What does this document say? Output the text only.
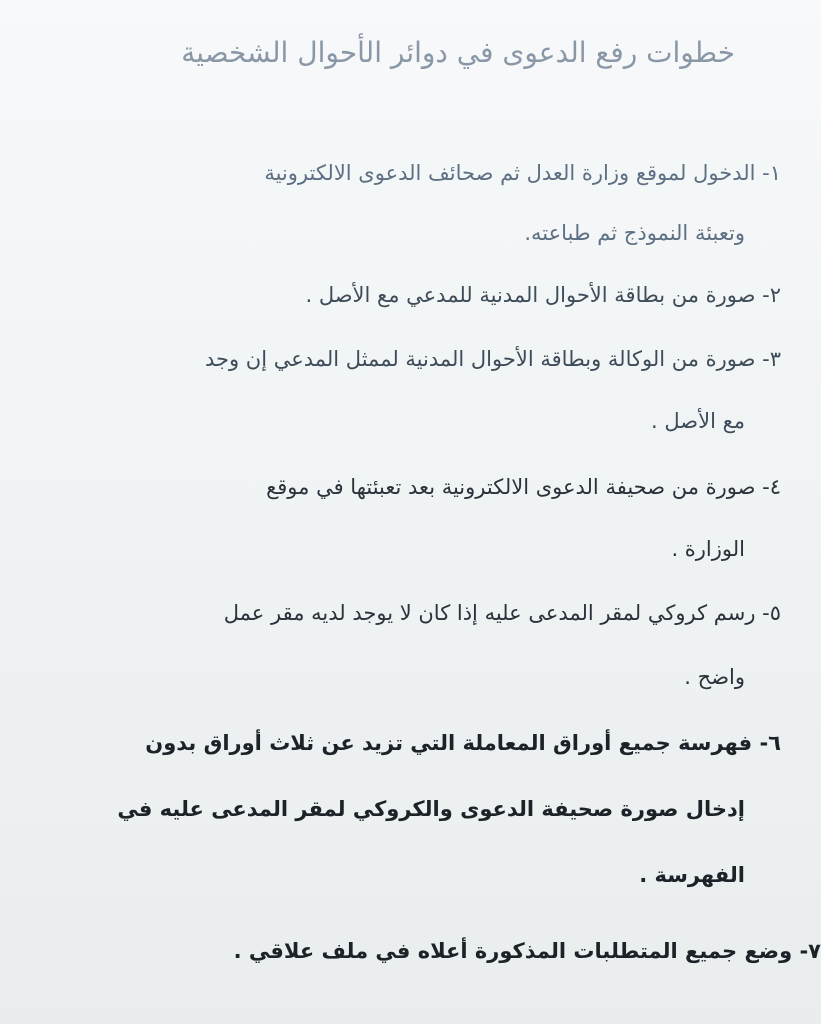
خطوات رفع الدعوى في دوائر الأحوال الشخصية
١- الدخول لموقع وزارة العدل ثم صحائف الدعوى الالكترونية
وتعبئة النموذج ثم طباعته.
٢- صورة من بطاقة الأحوال المدنية للمدعي مع الأصل .
٣- صورة من الوكالة وبطاقة الأحوال المدنية لممثل المدعي إن وجد
مع الأصل .
٤- صورة من صحيفة الدعوى الالكترونية بعد تعبئتها في موقع
الوزارة .
٥- رسم كروكي لمقر المدعى عليه إذا كان لا يوجد لديه مقر عمل
واضح .
٦- فهرسة جميع أوراق المعاملة التي تزيد عن ثلاث أوراق بدون
إدخال صورة صحيفة الدعوى والكروكي لمقر المدعى عليه في
الفهرسة .
٧- وضع جميع المتطلبات المذكورة أعلاه في ملف علاقي .
